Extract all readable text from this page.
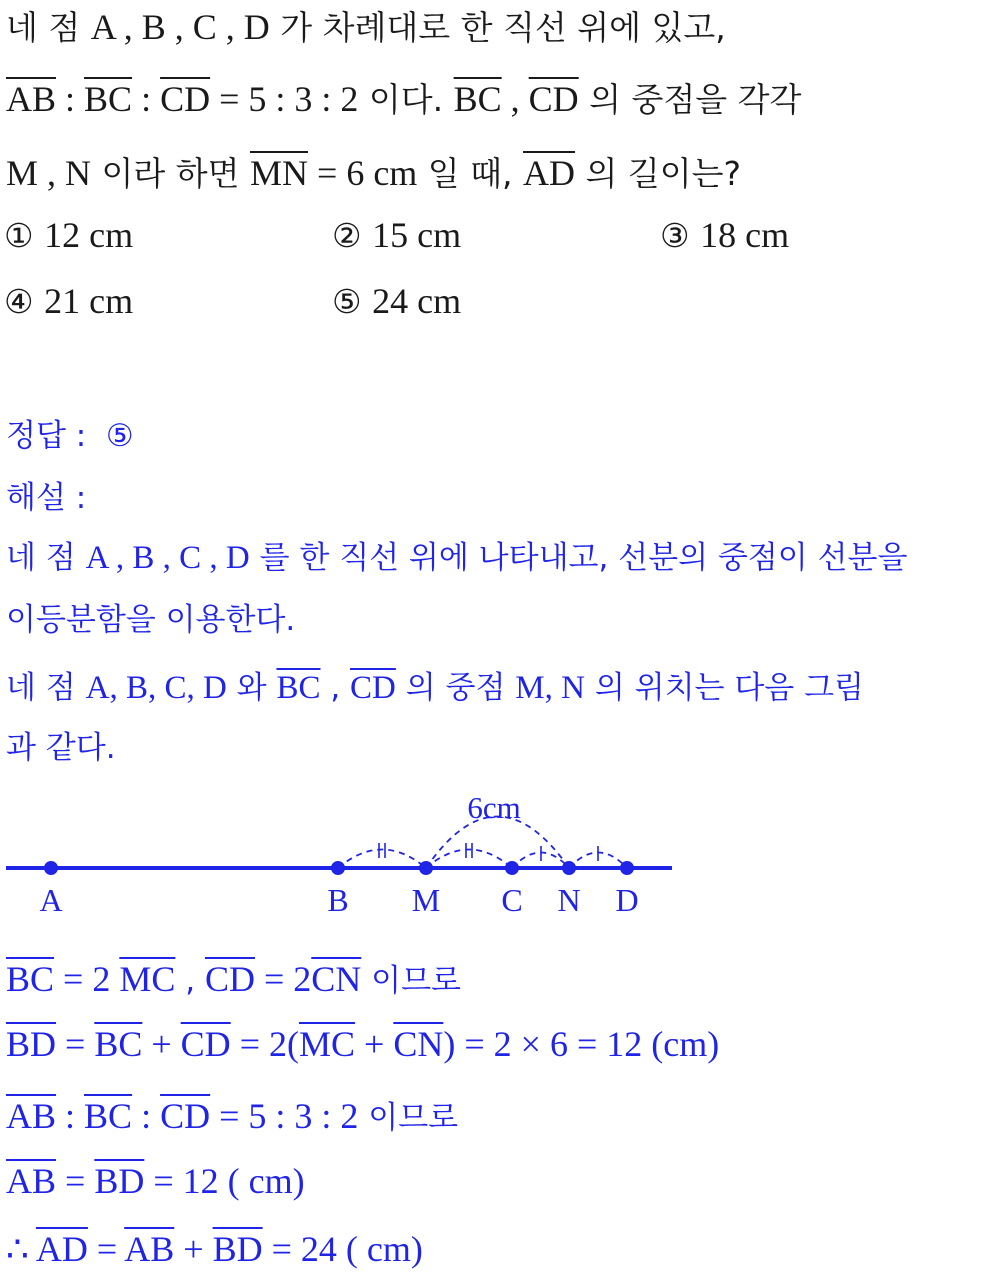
네 점 A , B , C , D 가 차례대로 한 직선 위에 있고,
$\overline{AB}$ : $\overline{BC}$ : $\overline{CD} = 5$ : 3 : 2 이다. $\overline{BC}$ , $\overline{CD}$ 의 중점을 각각
M , N 이라 하면 $\overline{MN} = 6$ cm 일 때, $\overline{AD}$ 의 길이는?
① 12 cm	② 15 cm	③ 18 cm
④ 21 cm	⑤ 24 cm
정답 : ⑤
해설 :
네 점 A , B , C , D 를 한 직선 위에 나타내고, 선분의 중점이 선분을
이등분함을 이용한다.
네 점 A, B, C, D 와 $\overline{BC}$ , $\overline{CD}$ 의 중점 M, N 의 위치는 다음 그림
과 같다.
A	B M C N D
6cm
$\overline{BC} = 2$ $\overline{MC}$ , $\overline{CD} = 2\overline{CN}$ 이므로
$\overline{BD} = \overline{BC} + \overline{CD} = 2(\overline{MC} + \overline{CN}) = 2 \times 6 = 12$ (cm)
$\overline{AB}$ : $\overline{BC}$ : $\overline{CD} = 5$ : 3 : 2 이므로
$\overline{AB} = \overline{BD} = 12$ ( cm)
∴ $\overline{AD} = \overline{AB} + \overline{BD} = 24$ ( cm)
